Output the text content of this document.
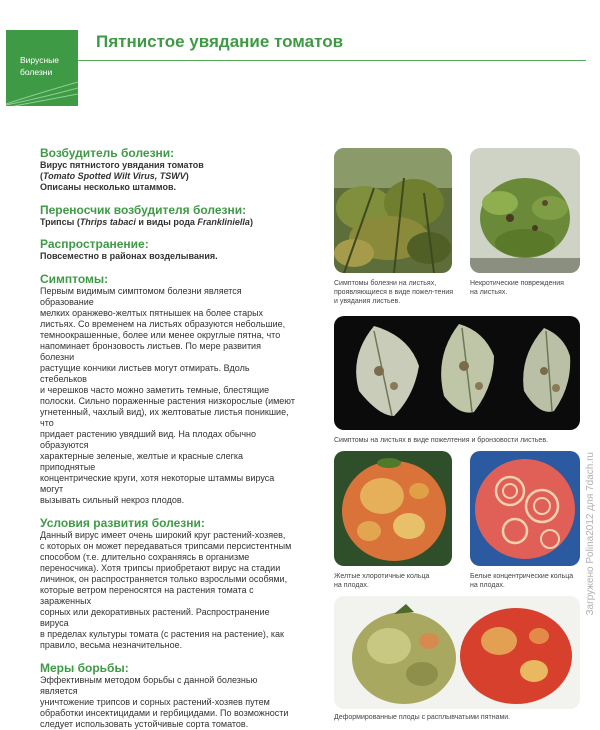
Вирусные
болезни
Пятнистое увядание томатов

Возбудитель болезни:

Вирус пятнистого увядания томатов

(Tomato Spotted Wilt Virus, TSWV)

Описаны несколько штаммов.

Переносчик возбудителя болезни:

Трипсы (Thrips tabaci и виды рода Frankliniella)

Распространение:

Повсеместно в районах возделывания.

Симптомы:

Первым видимым симптомом болезни является образование

мелких оранжево-желтых пятнышек на более старых

листьях. Со временем на листьях образуются небольшие,

темноокрашенные, более или менее округлые пятна, что

напоминает бронзовость листьев. По мере развития болезни

растущие кончики листьев могут отмирать. Вдоль стебельков

и черешков часто можно заметить темные, блестящие

полоски. Сильно пораженные растения низкорослые (имеют

угнетенный, чахлый вид), их желтоватые листья поникшие, что

придает растению увядший вид. На плодах обычно образуются

характерные зеленые, желтые и красные слегка приподнятые

концентрические круги, хотя некоторые штаммы вируса могут

вызывать сильный некроз плодов.

Условия развития болезни:

Данный вирус имеет очень широкий круг растений-хозяев,

с которых он может передаваться трипсами персистентным

способом (т.е. длительно сохраняясь в организме

переносчика). Хотя трипсы приобретают вирус на стадии

личинок, он распространяется только взрослыми особями,

которые ветром переносятся на растения томата с зараженных

сорных или декоративных растений. Распространение вируса

в пределах культуры томата (с растения на растение), как

правило, весьма незначительное.

Меры борьбы:

Эффективным методом борьбы с данной болезнью является

уничтожение трипсов и сорных растений-хозяев путем

обработки инсектицидами и гербицидами. По возможности

следует использовать устойчивые сорта томатов.

Симптомы болезни на листьях,
проявляющиеся в виде пожел-тения
и увядания листьев.
Некротические повреждения
на листьях.
Симптомы на листьях в виде пожелтения и бронзовости листьев.
Желтые хлоротичные кольца
на плодах.
Белые концентрические кольца
на плодах.
Деформированные плоды с расплывчатыми пятнами.
Загружено Polina2012 для 7dach.ru
